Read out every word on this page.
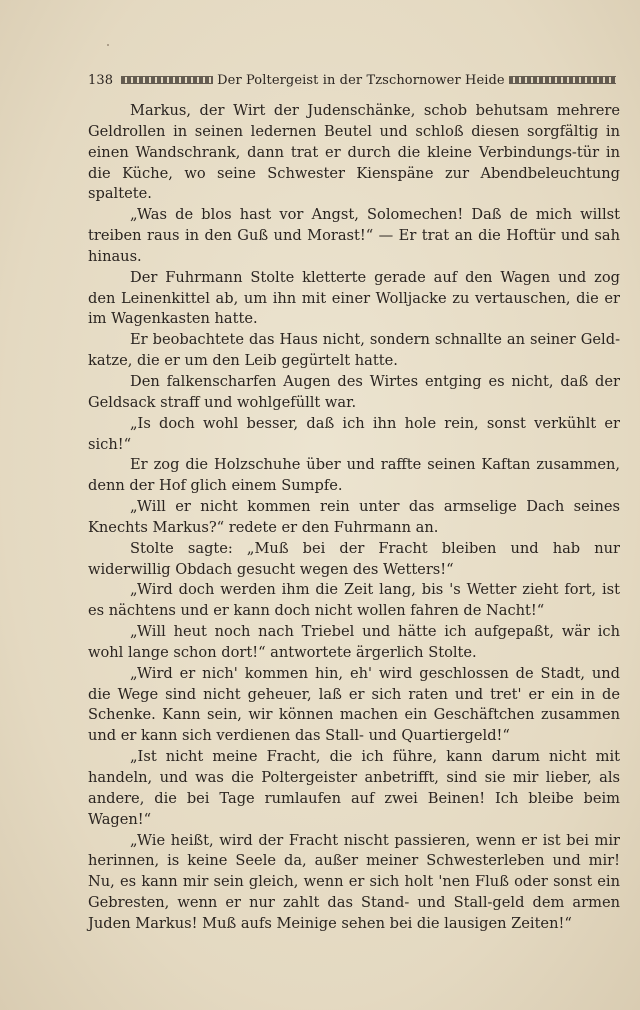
138	Der Poltergeist in der Tzschornower Heide

Markus, der Wirt der Judenschänke, schob behutsam mehrere Geldrollen in seinen ledernen Beutel und schloß diesen sorgfältig in einen Wandschrank, dann trat er durch die kleine Verbindungs-tür in die Küche, wo seine Schwester Kienspäne zur Abendbeleuchtung spaltete.

„Was de blos hast vor Angst, Solomechen! Daß de mich willst treiben raus in den Guß und Morast!“ — Er trat an die Hoftür und sah hinaus.

Der Fuhrmann Stolte kletterte gerade auf den Wagen und zog den Leinenkittel ab, um ihn mit einer Wolljacke zu vertauschen, die er im Wagenkasten hatte.

Er beobachtete das Haus nicht, sondern schnallte an seiner Geld-katze, die er um den Leib gegürtelt hatte.

Den falkenscharfen Augen des Wirtes entging es nicht, daß der Geldsack straff und wohlgefüllt war.

„Is doch wohl besser, daß ich ihn hole rein, sonst verkühlt er sich!“

Er zog die Holzschuhe über und raffte seinen Kaftan zusammen, denn der Hof glich einem Sumpfe.

„Will er nicht kommen rein unter das armselige Dach seines Knechts Markus?“ redete er den Fuhrmann an.

Stolte sagte: „Muß bei der Fracht bleiben und hab nur widerwillig Obdach gesucht wegen des Wetters!“

„Wird doch werden ihm die Zeit lang, bis 's Wetter zieht fort, ist es nächtens und er kann doch nicht wollen fahren de Nacht!“

„Will heut noch nach Triebel und hätte ich aufgepaßt, wär ich wohl lange schon dort!“ antwortete ärgerlich Stolte.

„Wird er nich' kommen hin, eh' wird geschlossen de Stadt, und die Wege sind nicht geheuer, laß er sich raten und tret' er ein in de Schenke. Kann sein, wir können machen ein Geschäftchen zusammen und er kann sich verdienen das Stall- und Quartiergeld!“

„Ist nicht meine Fracht, die ich führe, kann darum nicht mit handeln, und was die Poltergeister anbetrifft, sind sie mir lieber, als andere, die bei Tage rumlaufen auf zwei Beinen! Ich bleibe beim Wagen!“

„Wie heißt, wird der Fracht nischt passieren, wenn er ist bei mir herinnen, is keine Seele da, außer meiner Schwesterleben und mir! Nu, es kann mir sein gleich, wenn er sich holt 'nen Fluß oder sonst ein Gebresten, wenn er nur zahlt das Stand- und Stall-geld dem armen Juden Markus! Muß aufs Meinige sehen bei die lausigen Zeiten!“
